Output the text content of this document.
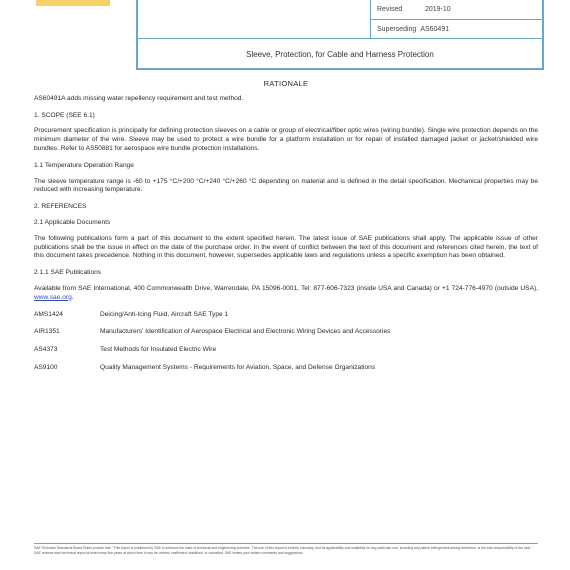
Revised	2019-10
Superseding AS60491
Sleeve, Protection, for Cable and Harness Protection
RATIONALE

AS60491A adds missing water repellency requirement and test method.

1. SCOPE (SEE 6.1)

Procurement specification is principally for defining protection sleeves on a cable or group of electrical/fiber optic wires (wiring bundle). Single wire protection depends on the minimum diameter of the wire. Sleeve may be used to protect a wire bundle for a platform installation or for repair of installed damaged jacket or jacket/shielded wire bundles. Refer to AS50881 for aerospace wire bundle protection installations.

1.1 Temperature Operation Range

The sleeve temperature range is -60 to +175 °C/+200 °C/+240 °C/+260 °C depending on material and is defined in the detail specification. Mechanical properties may be reduced with increasing temperature.

2. REFERENCES
2.1 Applicable Documents

The following publications form a part of this document to the extent specified herein. The latest issue of SAE publications shall apply. The applicable issue of other publications shall be the issue in effect on the date of the purchase order. In the event of conflict between the text of this document and references cited herein, the text of this document takes precedence. Nothing in this document, however, supersedes applicable laws and regulations unless a specific exemption has been obtained.

2.1.1 SAE Publications

Available from SAE International, 400 Commonwealth Drive, Warrendale, PA 15096-0001, Tel: 877-606-7323 (inside USA and Canada) or +1 724-776-4970 (outside USA), www.sae.org.

AMS1424	Deicing/Anti-Icing Fluid, Aircraft SAE Type 1
AIR1351	Manufacturers' Identification of Aerospace Electrical and Electronic Wiring Devices and Accessories
AS4373	Test Methods for Insulated Electric Wire
AS9100	Quality Management Systems - Requirements for Aviation, Space, and Defense Organizations
SAE Technical Standards Board Rules provide that: "This report is published by SAE to advance the state of technical and engineering sciences. The use of this report is entirely voluntary, and its applicability and suitability for any particular use, including any patent infringement arising therefrom, is the sole responsibility of the user."
SAE reviews each technical report at least every five years at which time it may be revised, reaffirmed, stabilized, or cancelled. SAE invites your written comments and suggestions.
